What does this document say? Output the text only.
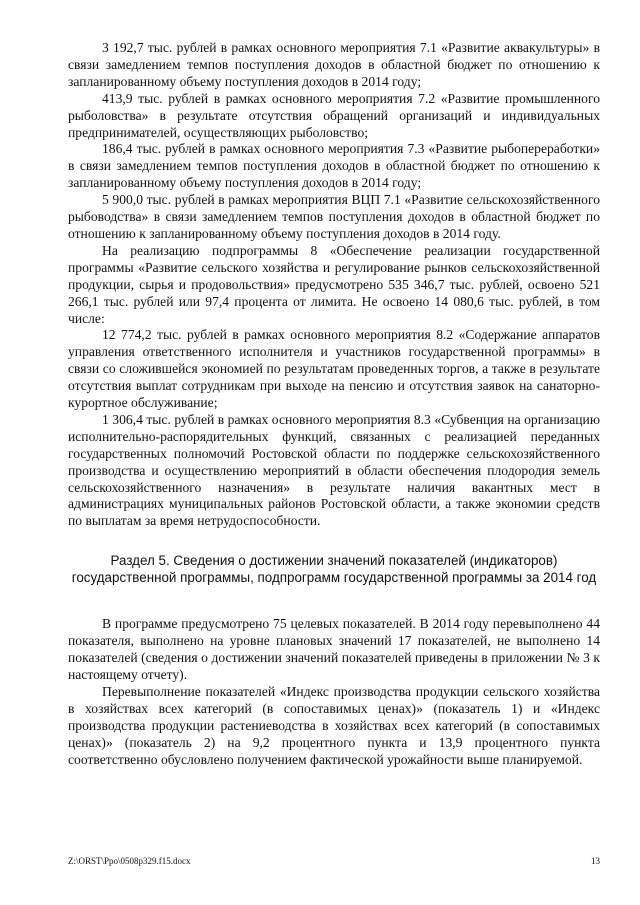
3 192,7 тыс. рублей в рамках основного мероприятия 7.1 «Развитие аквакультуры» в связи замедлением темпов поступления доходов в областной бюджет по отношению к запланированному объему поступления доходов в 2014 году;

413,9 тыс. рублей в рамках основного мероприятия 7.2 «Развитие промышленного рыболовства» в результате отсутствия обращений организаций и индивидуальных предпринимателей, осуществляющих рыболовство;

186,4 тыс. рублей в рамках основного мероприятия 7.3 «Развитие рыбопереработки» в связи замедлением темпов поступления доходов в областной бюджет по отношению к запланированному объему поступления доходов в 2014 году;

5 900,0 тыс. рублей в рамках мероприятия ВЦП 7.1 «Развитие сельскохозяйственного рыбоводства» в связи замедлением темпов поступления доходов в областной бюджет по отношению к запланированному объему поступления доходов в 2014 году.

На реализацию подпрограммы 8 «Обеспечение реализации государственной программы «Развитие сельского хозяйства и регулирование рынков сельскохозяйственной продукции, сырья и продовольствия» предусмотрено 535 346,7 тыс. рублей, освоено 521 266,1 тыс. рублей или 97,4 процента от лимита. Не освоено 14 080,6 тыс. рублей, в том числе:

12 774,2 тыс. рублей в рамках основного мероприятия 8.2 «Содержание аппаратов управления ответственного исполнителя и участников государственной программы» в связи со сложившейся экономией по результатам проведенных торгов, а также в результате отсутствия выплат сотрудникам при выходе на пенсию и отсутствия заявок на санаторно-курортное обслуживание;

1 306,4 тыс. рублей в рамках основного мероприятия 8.3 «Субвенция на организацию исполнительно-распорядительных функций, связанных с реализацией переданных государственных полномочий Ростовской области по поддержке сельскохозяйственного производства и осуществлению мероприятий в области обеспечения плодородия земель сельскохозяйственного назначения» в результате наличия вакантных мест в администрациях муниципальных районов Ростовской области, а также экономии средств по выплатам за время нетрудоспособности.

Раздел 5. Сведения о достижении значений показателей (индикаторов)
государственной программы, подпрограмм государственной программы за 2014 год

В программе предусмотрено 75 целевых показателей. В 2014 году перевыполнено 44 показателя, выполнено на уровне плановых значений 17 показателей, не выполнено 14 показателей (сведения о достижении значений показателей приведены в приложении № 3 к настоящему отчету).

Перевыполнение показателей «Индекс производства продукции сельского хозяйства в хозяйствах всех категорий (в сопоставимых ценах)» (показатель 1) и «Индекс производства продукции растениеводства в хозяйствах всех категорий (в сопоставимых ценах)» (показатель 2) на 9,2 процентного пункта и 13,9 процентного пункта соответственно обусловлено получением фактической урожайности выше планируемой.

Z:\ORST\Ppo\0508p329.f15.docx	13
